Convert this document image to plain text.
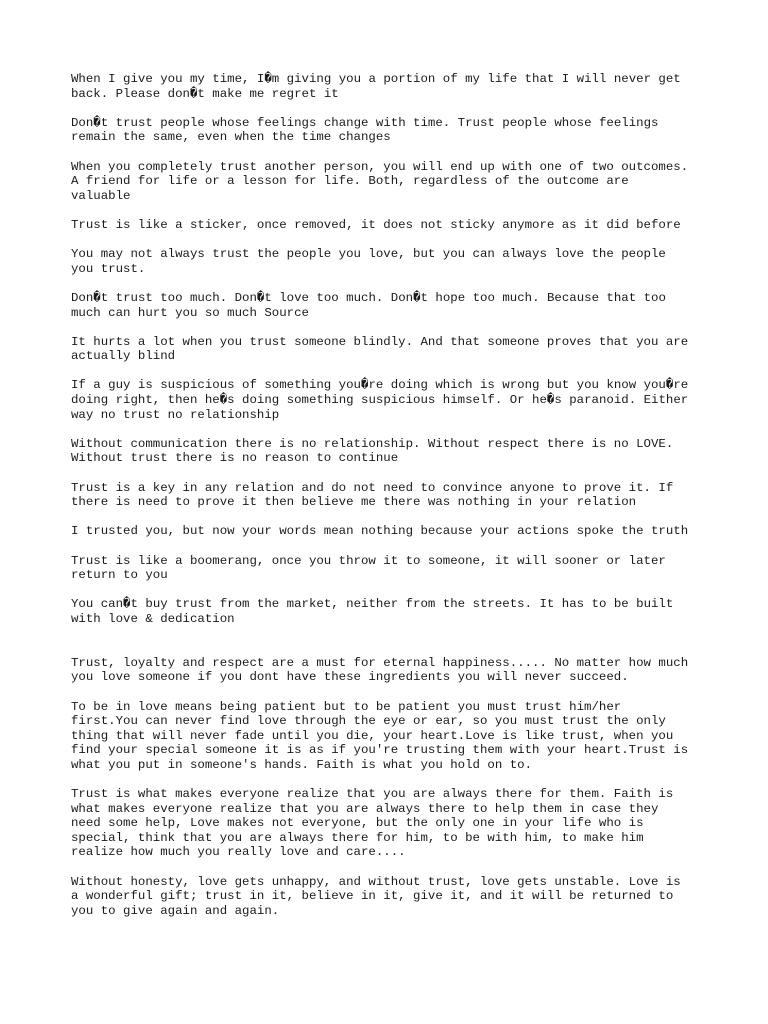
When I give you my time, I�m giving you a portion of my life that I will never get
back. Please don�t make me regret it

Don�t trust people whose feelings change with time. Trust people whose feelings
remain the same, even when the time changes

When you completely trust another person, you will end up with one of two outcomes.
A friend for life or a lesson for life. Both, regardless of the outcome are
valuable

Trust is like a sticker, once removed, it does not sticky anymore as it did before

You may not always trust the people you love, but you can always love the people
you trust.

Don�t trust too much. Don�t love too much. Don�t hope too much. Because that too
much can hurt you so much Source

It hurts a lot when you trust someone blindly. And that someone proves that you are
actually blind

If a guy is suspicious of something you�re doing which is wrong but you know you�re
doing right, then he�s doing something suspicious himself. Or he�s paranoid. Either
way no trust no relationship

Without communication there is no relationship. Without respect there is no LOVE.
Without trust there is no reason to continue

Trust is a key in any relation and do not need to convince anyone to prove it. If
there is need to prove it then believe me there was nothing in your relation

I trusted you, but now your words mean nothing because your actions spoke the truth

Trust is like a boomerang, once you throw it to someone, it will sooner or later
return to you

You can�t buy trust from the market, neither from the streets. It has to be built
with love & dedication

Trust, loyalty and respect are a must for eternal happiness..... No matter how much
you love someone if you dont have these ingredients you will never succeed.

To be in love means being patient but to be patient you must trust him/her
first.You can never find love through the eye or ear, so you must trust the only
thing that will never fade until you die, your heart.Love is like trust, when you
find your special someone it is as if you're trusting them with your heart.Trust is
what you put in someone's hands. Faith is what you hold on to.

Trust is what makes everyone realize that you are always there for them. Faith is
what makes everyone realize that you are always there to help them in case they
need some help, Love makes not everyone, but the only one in your life who is
special, think that you are always there for him, to be with him, to make him
realize how much you really love and care....

Without honesty, love gets unhappy, and without trust, love gets unstable. Love is
a wonderful gift; trust in it, believe in it, give it, and it will be returned to
you to give again and again.
